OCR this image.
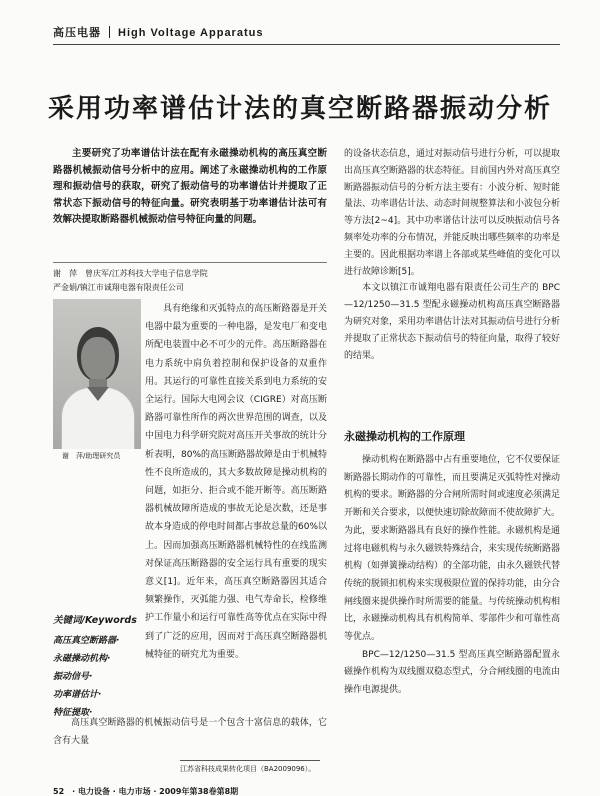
高压电器 High Voltage Apparatus
采用功率谱估计法的真空断路器振动分析
主要研究了功率谱估计法在配有永磁操动机构的高压真空断路器机械振动信号分析中的应用。阐述了永磁操动机构的工作原理和振动信号的获取，研究了振动信号的功率谱估计并提取了正常状态下振动信号的特征向量。研究表明基于功率谱估计法可有效解决提取断路器机械振动信号特征向量的问题。
谢　萍　曾庆军/江苏科技大学电子信息学院
严金娟/镇江市诚翔电器有限责任公司
谢　萍/助理研究员

具有绝缘和灭弧特点的高压断路器是开关电器中最为重要的一种电器，是发电厂和变电所配电装置中必不可少的元件。高压断路器在电力系统中肩负着控制和保护设备的双重作用。其运行的可靠性直接关系到电力系统的安全运行。国际大电网会议（CIGRE）对高压断路器可靠性所作的两次世界范围的调查，以及中国电力科学研究院对高压开关事故的统计分析表明，80%的高压断路器故障是由于机械特性不良所造成的，其大多数故障是操动机构的问题，如拒分、拒合或不能开断等。高压断路器机械故障所造成的事故无论是次数，还是事故本身造成的停电时间都占事故总量的60%以上。因而加强高压断路器机械特性的在线监测对保证高压断路器的安全运行具有重要的现实意义[1]。近年来，高压真空断路器因其适合频繁操作，灭弧能力强、电气寿命长，检修维护工作量小和运行可靠性高等优点在实际中得到了广泛的应用，因而对于高压真空断路器机械特征的研究尤为重要。

高压真空断路器的机械振动信号是一个包含十富信息的载体，它含有大量

关键词/Keywords
高压真空断路器·
永磁操动机构·
振动信号·
功率谱估计·
特征提取·

的设备状态信息，通过对振动信号进行分析，可以提取出高压真空断路器的状态特征。目前国内外对高压真空断路器振动信号的分析方法主要有：小波分析、短时能量法、功率谱估计法、动态时间规整算法和小波包分析等方法[2~4]。其中功率谱估计法可以反映振动信号各频率处功率的分布情况，并能反映出哪些频率的功率是主要的。因此根据功率谱上各部或某些峰值的变化可以进行故障诊断[5]。

本文以镇江市诚翔电器有限责任公司生产的 BPC—12/1250—31.5 型配永磁操动机构高压真空断路器为研究对象，采用功率谱估计法对其振动信号进行分析并提取了正常状态下振动信号的特征向量，取得了较好的结果。

永磁操动机构的工作原理

操动机构在断路器中占有重要地位，它不仅要保证断路器长期动作的可靠性，而且要满足灭弧特性对操动机构的要求。断路器的分合闸所需时间或速度必须满足开断和关合要求，以便快速切除故障而不使故障扩大。为此，要求断路器具有良好的操作性能。永磁机构是通过将电磁机构与永久磁铁特殊结合，来实现传统断路器机构（如弹簧操动结构）的全部功能，由永久磁铁代替传统的脱锁扣机构来实现极限位置的保持功能，由分合闸线圈来提供操作时所需要的能量。与传统操动机构相比，永磁操动机构具有机构简单、零部件少和可靠性高等优点。

BPC—12/1250—31.5 型高压真空断路器配置永磁操作机构为双线圈双稳态型式，分合闸线圈的电流由操作电源提供。

江苏省科技成果转化项目（BA2009096）。
52　· 电力设备 · 电力市场 · 2009年第38卷第8期
